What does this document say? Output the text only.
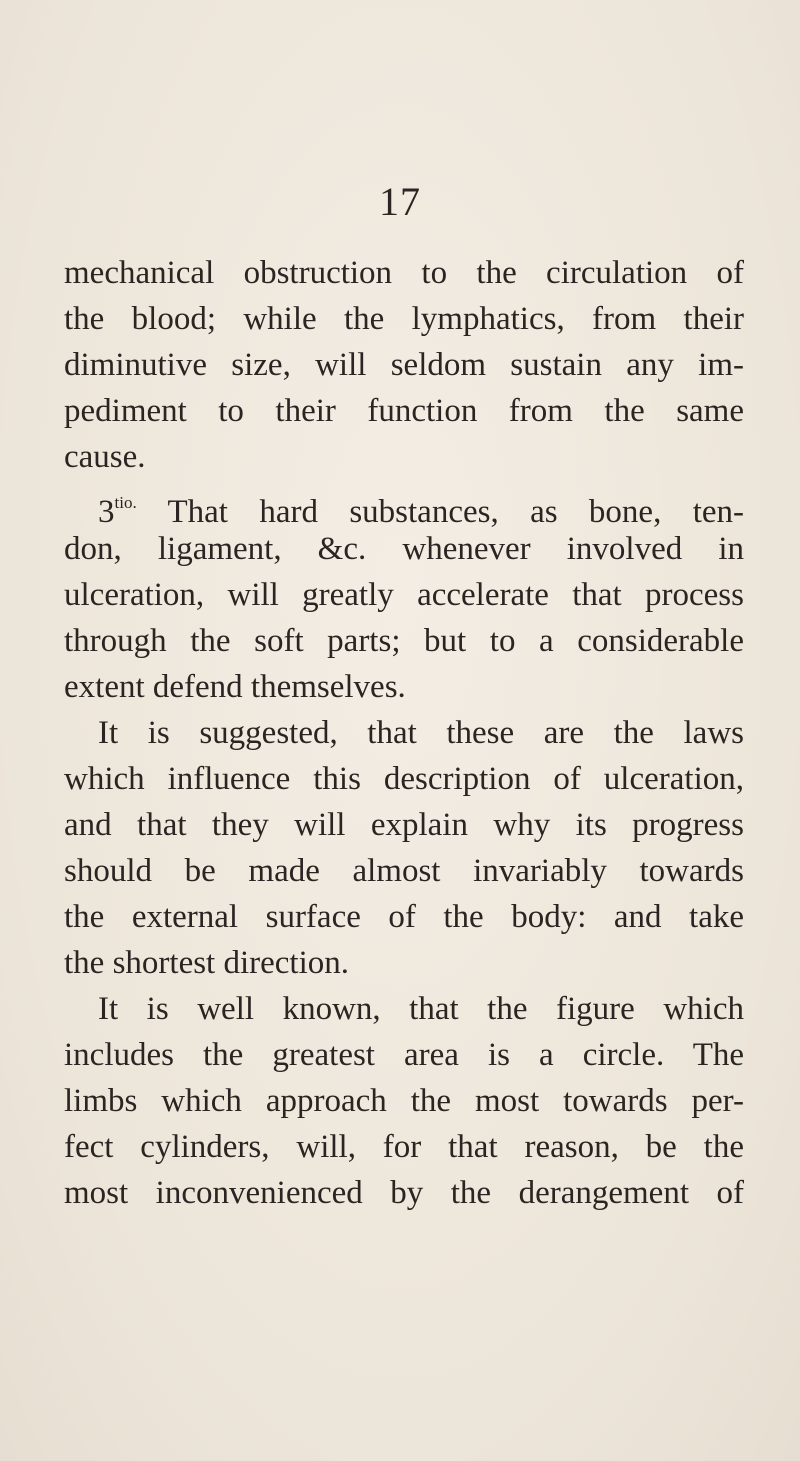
17
mechanical obstruction to the circulation of
the blood; while the lymphatics, from their
diminutive size, will seldom sustain any im-
pediment to their function from the same
cause.
$3^{tio.}$ That hard substances, as bone, ten-
don, ligament, &c. whenever involved in
ulceration, will greatly accelerate that process
through the soft parts; but to a considerable
extent defend themselves.
It is suggested, that these are the laws
which influence this description of ulceration,
and that they will explain why its progress
should be made almost invariably towards
the external surface of the body: and take
the shortest direction.
It is well known, that the figure which
includes the greatest area is a circle. The
limbs which approach the most towards per-
fect cylinders, will, for that reason, be the
most inconvenienced by the derangement of
